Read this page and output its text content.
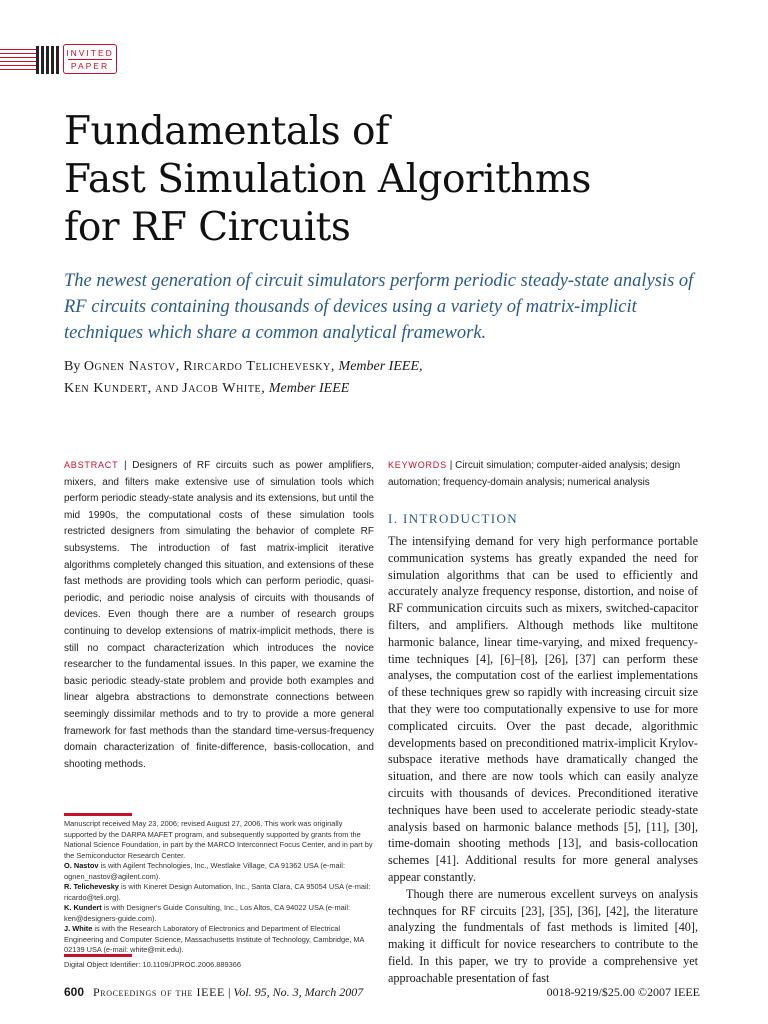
INVITED
PAPER
Fundamentals of
Fast Simulation Algorithms
for RF Circuits
The newest generation of circuit simulators perform periodic steady-state analysis of RF circuits containing thousands of devices using a variety of matrix-implicit techniques which share a common analytical framework.
By Ognen Nastov, Rircardo Telichevesky, Member IEEE,
Ken Kundert, and Jacob White, Member IEEE
ABSTRACT | Designers of RF circuits such as power amplifiers, mixers, and filters make extensive use of simulation tools which perform periodic steady-state analysis and its extensions, but until the mid 1990s, the computational costs of these simulation tools restricted designers from simulating the behavior of complete RF subsystems. The introduction of fast matrix-implicit iterative algorithms completely changed this situation, and extensions of these fast methods are providing tools which can perform periodic, quasi-periodic, and periodic noise analysis of circuits with thousands of devices. Even though there are a number of research groups continuing to develop extensions of matrix-implicit methods, there is still no compact characterization which introduces the novice researcher to the fundamental issues. In this paper, we examine the basic periodic steady-state problem and provide both examples and linear algebra abstractions to demonstrate connections between seemingly dissimilar methods and to try to provide a more general framework for fast methods than the standard time-versus-frequency domain characterization of finite-difference, basis-collocation, and shooting methods.

Manuscript received May 23, 2006; revised August 27, 2006. This work was originally supported by the DARPA MAFET program, and subsequently supported by grants from the National Science Foundation, in part by the MARCO Interconnect Focus Center, and in part by the Semiconductor Research Center.

O. Nastov is with Agilent Technologies, Inc., Westlake Village, CA 91362 USA (e-mail: ognen_nastov@agilent.com).

R. Telichevesky is with Kineret Design Automation, Inc., Santa Clara, CA 95054 USA (e-mail: ricardo@teli.org).

K. Kundert is with Designer's Guide Consulting, Inc., Los Altos, CA 94022 USA (e-mail: ken@designers-guide.com).

J. White is with the Research Laboratory of Electronics and Department of Electrical Engineering and Computer Science, Massachusetts Institute of Technology, Cambridge, MA 02139 USA (e-mail: white@mit.edu).

Digital Object Identifier: 10.1109/JPROC.2006.889366
KEYWORDS | Circuit simulation; computer-aided analysis; design automation; frequency-domain analysis; numerical analysis
I. INTRODUCTION

The intensifying demand for very high performance portable communication systems has greatly expanded the need for simulation algorithms that can be used to efficiently and accurately analyze frequency response, distortion, and noise of RF communication circuits such as mixers, switched-capacitor filters, and amplifiers. Although methods like multitone harmonic balance, linear time-varying, and mixed frequency-time techniques [4], [6]–[8], [26], [37] can perform these analyses, the computation cost of the earliest implementations of these techniques grew so rapidly with increasing circuit size that they were too computationally expensive to use for more complicated circuits. Over the past decade, algorithmic developments based on preconditioned matrix-implicit Krylov-subspace iterative methods have dramatically changed the situation, and there are now tools which can easily analyze circuits with thousands of devices. Preconditioned iterative techniques have been used to accelerate periodic steady-state analysis based on harmonic balance methods [5], [11], [30], time-domain shooting methods [13], and basis-collocation schemes [41]. Additional results for more general analyses appear constantly.

Though there are numerous excellent surveys on analysis technques for RF circuits [23], [35], [36], [42], the literature analyzing the fundmentals of fast methods is limited [40], making it difficult for novice researchers to contribute to the field. In this paper, we try to provide a comprehensive yet approachable presentation of fast

600 Proceedings of the IEEE | Vol. 95, No. 3, March 2007	0018-9219/$25.00 ©2007 IEEE
